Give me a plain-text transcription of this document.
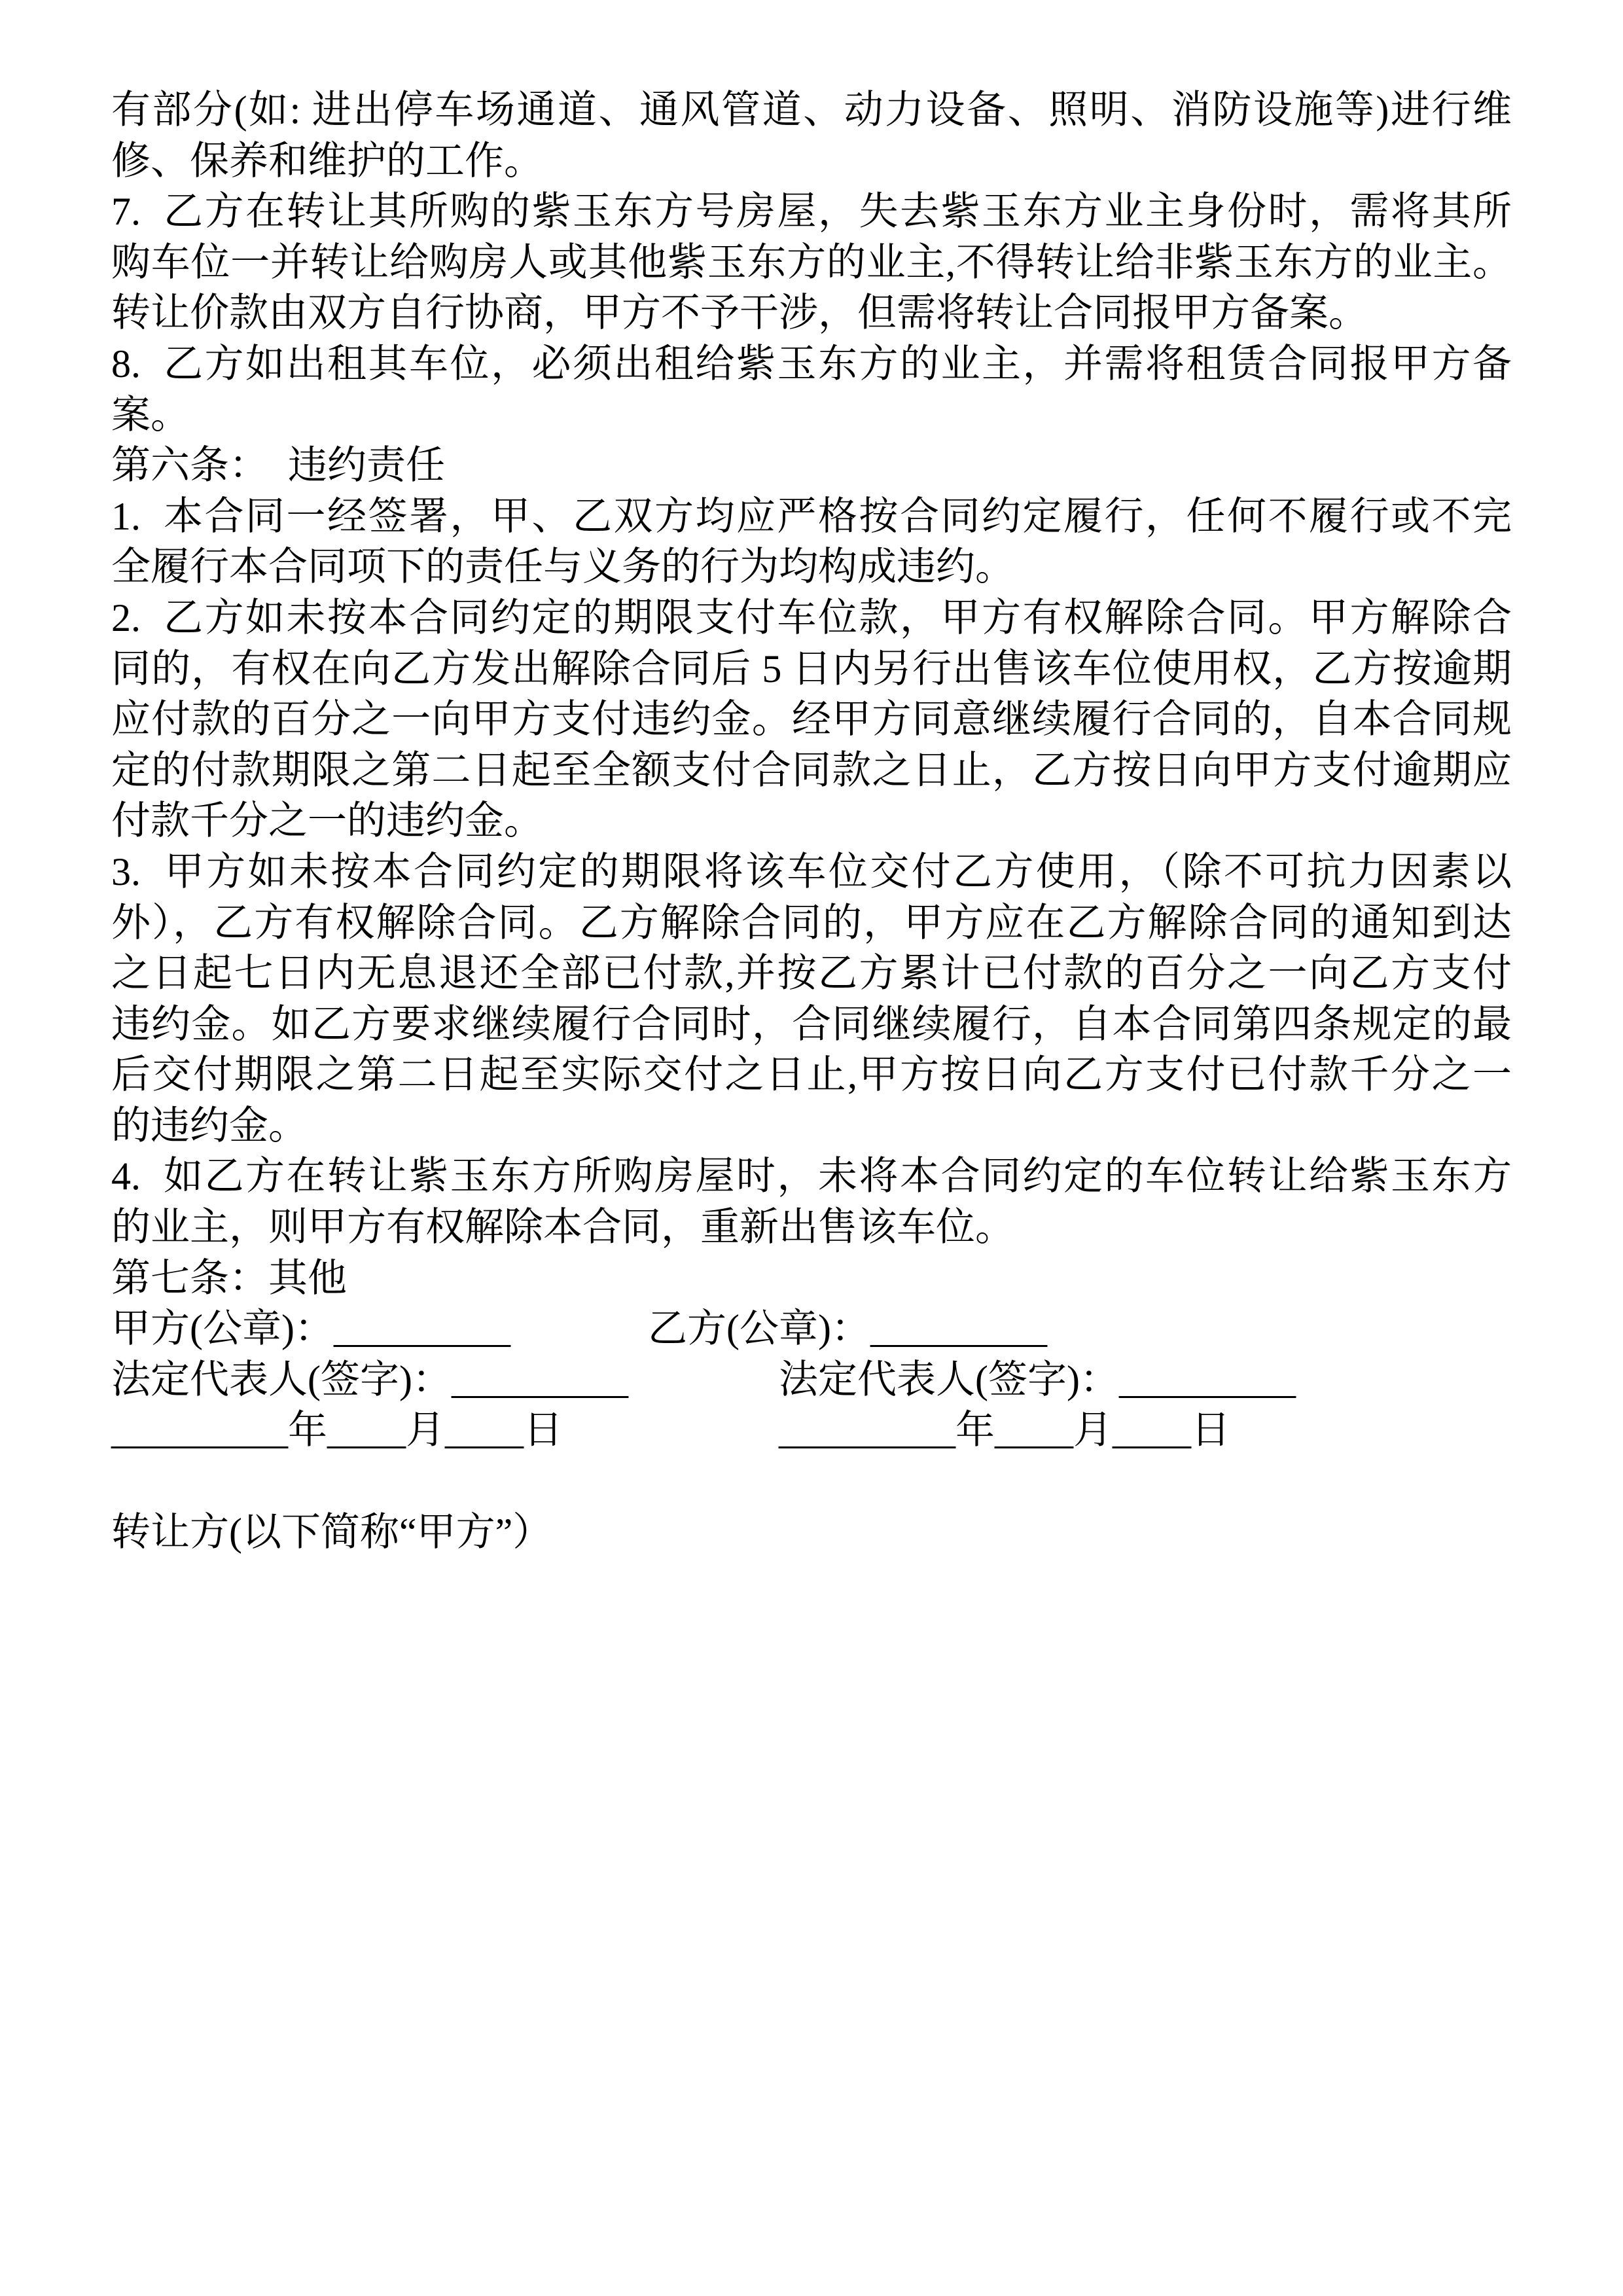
有部分(如: 进出停车场通道、通风管道、动力设备、照明、消防设施等)进行维
修、保养和维护的工作。
7.  乙方在转让其所购的紫玉东方号房屋，失去紫玉东方业主身份时，需将其所
购车位一并转让给购房人或其他紫玉东方的业主,不得转让给非紫玉东方的业主。
转让价款由双方自行协商，甲方不予干涉，但需将转让合同报甲方备案。
8.  乙方如出租其车位，必须出租给紫玉东方的业主，并需将租赁合同报甲方备
案。
第六条：  违约责任
1.  本合同一经签署，甲、乙双方均应严格按合同约定履行，任何不履行或不完
全履行本合同项下的责任与义务的行为均构成违约。
2.  乙方如未按本合同约定的期限支付车位款，甲方有权解除合同。甲方解除合
同的，有权在向乙方发出解除合同后 5 日内另行出售该车位使用权，乙方按逾期
应付款的百分之一向甲方支付违约金。经甲方同意继续履行合同的，自本合同规
定的付款期限之第二日起至全额支付合同款之日止，乙方按日向甲方支付逾期应
付款千分之一的违约金。
3.  甲方如未按本合同约定的期限将该车位交付乙方使用，（除不可抗力因素以
外），乙方有权解除合同。乙方解除合同的，甲方应在乙方解除合同的通知到达
之日起七日内无息退还全部已付款,并按乙方累计已付款的百分之一向乙方支付
违约金。如乙方要求继续履行合同时，合同继续履行，自本合同第四条规定的最
后交付期限之第二日起至实际交付之日止,甲方按日向乙方支付已付款千分之一
的违约金。
4.  如乙方在转让紫玉东方所购房屋时，未将本合同约定的车位转让给紫玉东方
的业主，则甲方有权解除本合同，重新出售该车位。
第七条：其他
甲方(公章)：_________	乙方(公章)：_________
法定代表人(签字)：_________	法定代表人(签字)：_________
_________年____月____日	_________年____月____日
转让方(以下简称“甲方”）
